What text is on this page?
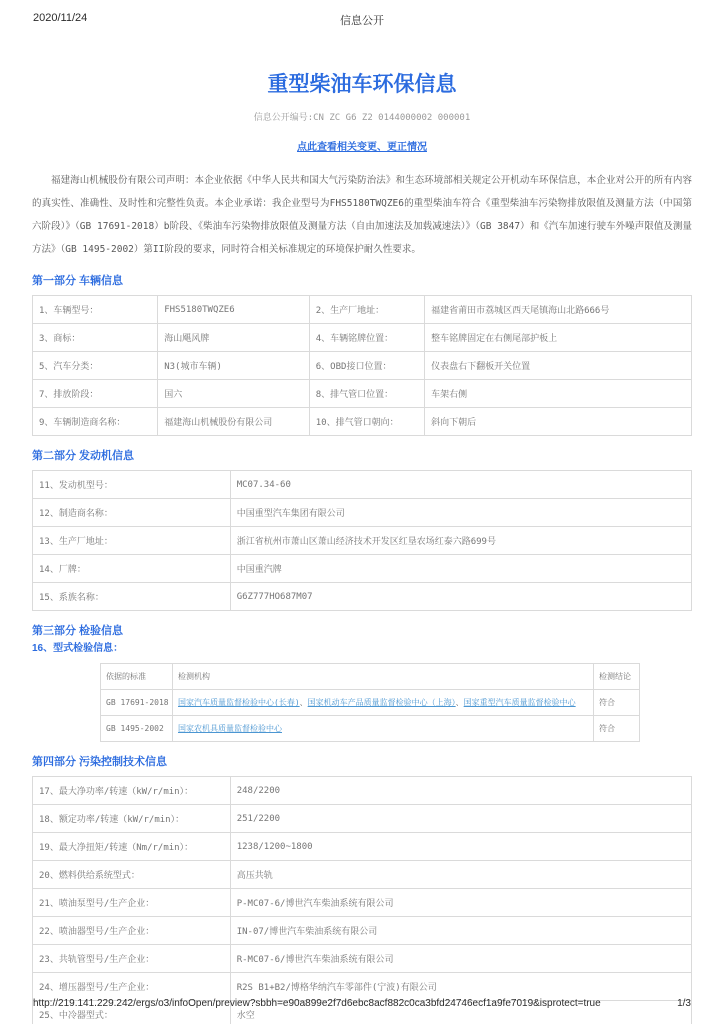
2020/11/24	信息公开
重型柴油车环保信息
信息公开编号:CN ZC G6 Z2 0144000002 000001
点此查看相关变更、更正情况
福建海山机械股份有限公司声明：本企业依据《中华人民共和国大气污染防治法》和生态环境部相关规定公开机动车环保信息，本企业对公开的所有内容的真实性、准确性、及时性和完整性负责。本企业承诺：我企业型号为FHS5180TWQZE6的重型柴油车符合《重型柴油车污染物排放限值及测量方法（中国第六阶段）》（GB 17691-2018）b阶段、《柴油车污染物排放限值及测量方法（自由加速法及加载减速法）》（GB 3847）和《汽车加速行驶车外噪声限值及测量方法》（GB 1495-2002）第II阶段的要求，同时符合相关标准规定的环境保护耐久性要求。
第一部分 车辆信息
1、车辆型号：	FHS5180TWQZE6	2、生产厂地址：	福建省莆田市荔城区西天尾镇海山北路666号
3、商标：	海山飓风牌	4、车辆铭牌位置：	整车铭牌固定在右侧尾部护板上
5、汽车分类：	N3(城市车辆)	6、OBD接口位置：	仪表盘右下翻板开关位置
7、排放阶段：	国六	8、排气管口位置：	车架右侧
9、车辆制造商名称：	福建海山机械股份有限公司	10、排气管口朝向：	斜向下朝后
第二部分 发动机信息
11、发动机型号：	MC07.34-60
12、制造商名称：	中国重型汽车集团有限公司
13、生产厂地址：	浙江省杭州市萧山区萧山经济技术开发区红垦农场红泰六路699号
14、厂牌：	中国重汽牌
15、系族名称：	G6Z777HO687M07
第三部分 检验信息
16、型式检验信息：
依据的标准	检测机构	检测结论
GB 17691-2018	国家汽车质量监督检验中心(长春)、国家机动车产品质量监督检验中心（上海）、国家重型汽车质量监督检验中心	符合
GB 1495-2002	国家农机具质量监督检验中心	符合
第四部分 污染控制技术信息
17、最大净功率/转速（kW/r/min）：	248/2200
18、额定功率/转速（kW/r/min）：	251/2200
19、最大净扭矩/转速（Nm/r/min）：	1238/1200~1800
20、燃料供给系统型式：	高压共轨
21、喷油泵型号/生产企业：	P-MC07-6/博世汽车柴油系统有限公司
22、喷油器型号/生产企业：	IN-07/博世汽车柴油系统有限公司
23、共轨管型号/生产企业：	R-MC07-6/博世汽车柴油系统有限公司
24、增压器型号/生产企业：	R2S B1+B2/博格华纳汽车零部件(宁波)有限公司
25、中冷器型式：	水空

http://219.141.229.242/ergs/o3/infoOpen/preview?sbbh=e90a899e2f7d6ebc8acf882c0ca3bfd24746ecf1a9fe7019&isprotect=true	1/3
